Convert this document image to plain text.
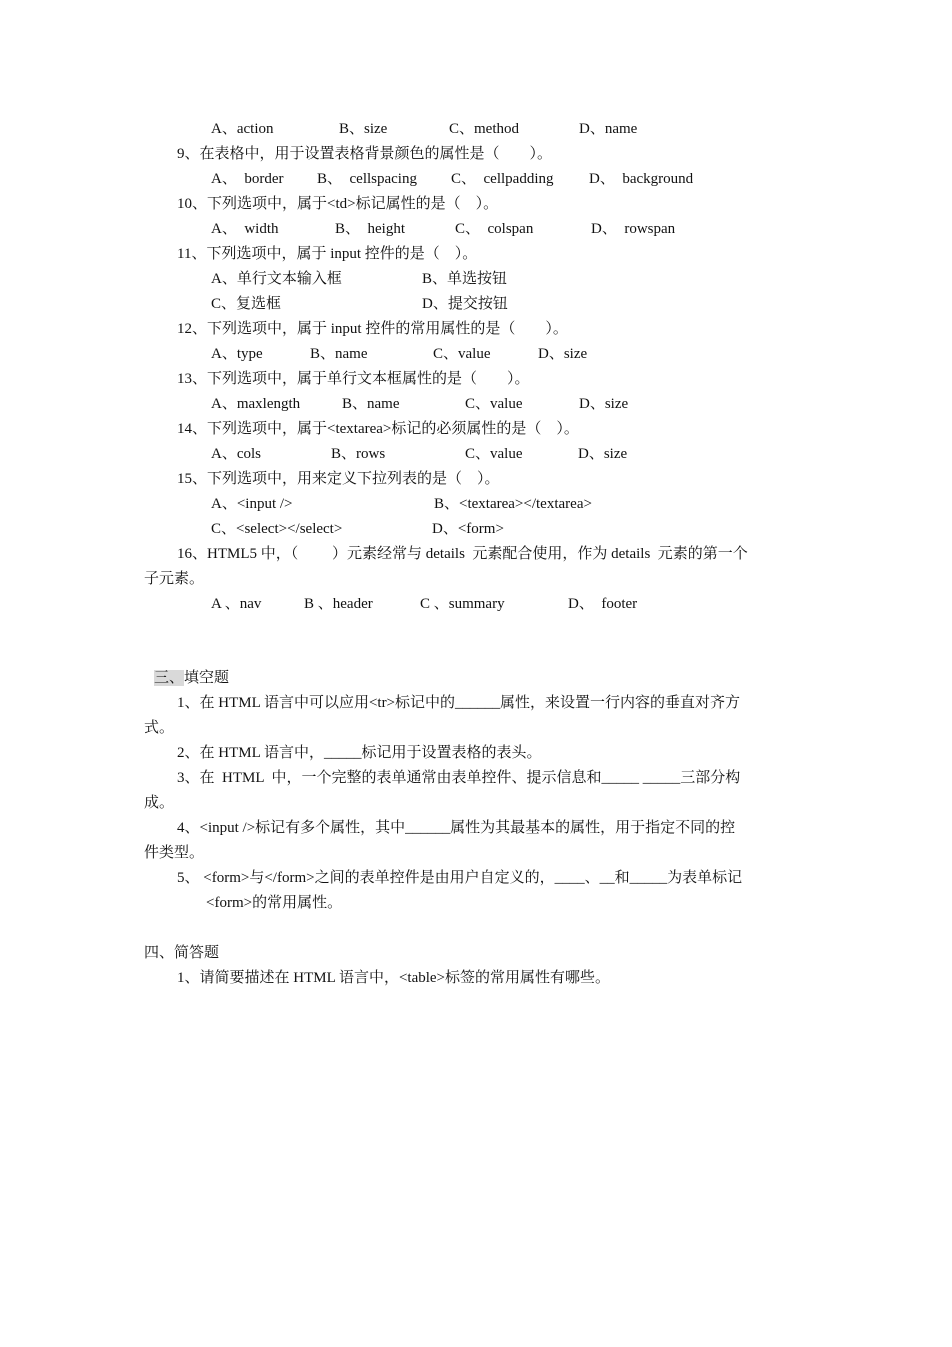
A、action	B、size	C、method	D、name
9、在表格中，用于设置表格背景颜色的属性是（　　）。
A、　border B、　cellspacing C、　cellpadding D、　background
10、下列选项中，属于<td>标记属性的是（　）。
A、　width	B、　height	C、　colspan	D、　rowspan
11、下列选项中，属于 input 控件的是（　）。
A、单行文本输入框	B、单选按钮
C、复选框	D、提交按钮
12、下列选项中，属于 input 控件的常用属性的是（　　）。
A、type	B、name	C、value	D、size
13、下列选项中，属于单行文本框属性的是（　　）。
A、maxlength	B、name	C、value	D、size
14、下列选项中，属于<textarea>标记的必须属性的是（　）。
A、cols	B、rows	C、value	D、size
15、下列选项中，用来定义下拉列表的是（　）。
A、<input />	B、<textarea></textarea>
C、<select></select>	D、<form>
16、HTML5 中，（　　 ）元素经常与 details  元素配合使用，作为 details  元素的第一个
子元素。
A 、nav	B 、header	C 、summary	D、　footer
三、填空题
1、在 HTML 语言中可以应用<tr>标记中的______属性，来设置一行内容的垂直对齐方
式。
2、在 HTML 语言中，_____标记用于设置表格的表头。
3、在  HTML  中，一个完整的表单通常由表单控件、提示信息和_____ _____三部分构
成。
4、<input />标记有多个属性，其中______属性为其最基本的属性，用于指定不同的控
件类型。
5、 <form>与</form>之间的表单控件是由用户自定义的，____、__和_____为表单标记
<form>的常用属性。
四、简答题
1、请简要描述在 HTML 语言中，<table>标签的常用属性有哪些。
